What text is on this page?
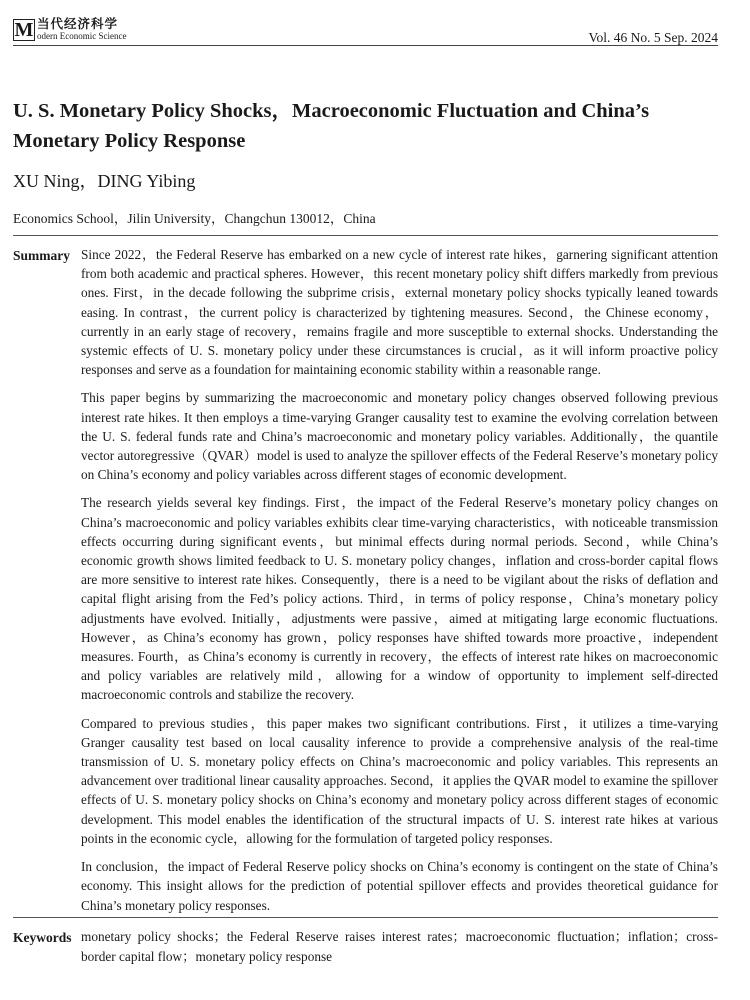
M 当代经济科学
odern Economic Science	Vol. 46 No. 5 Sep. 2024
U. S. Monetary Policy Shocks，Macroeconomic Fluctuation and China’s Monetary Policy Response
XU Ning，DING Yibing
Economics School，Jilin University，Changchun 130012，China
Summary Since 2022，the Federal Reserve has embarked on a new cycle of interest rate hikes，garnering significant attention from both academic and practical spheres. However，this recent monetary policy shift differs markedly from previous ones. First，in the decade following the subprime crisis，external monetary policy shocks typically leaned towards easing. In contrast，the current policy is characterized by tightening measures. Second，the Chinese economy，currently in an early stage of recovery，remains fragile and more susceptible to external shocks. Understanding the systemic effects of U. S. monetary policy under these circumstances is crucial，as it will inform proactive policy responses and serve as a foundation for maintaining economic stability within a reasonable range.

This paper begins by summarizing the macroeconomic and monetary policy changes observed following previous interest rate hikes. It then employs a time-varying Granger causality test to examine the evolving correlation between the U. S. federal funds rate and China’s macroeconomic and monetary policy variables. Additionally，the quantile vector autoregressive（QVAR）model is used to analyze the spillover effects of the Federal Reserve’s monetary policy on China’s economy and policy variables across different stages of economic development.

The research yields several key findings. First，the impact of the Federal Reserve’s monetary policy changes on China’s macroeconomic and policy variables exhibits clear time-varying characteristics，with noticeable transmission effects occurring during significant events，but minimal effects during normal periods. Second，while China’s economic growth shows limited feedback to U. S. monetary policy changes，inflation and cross-border capital flows are more sensitive to interest rate hikes. Consequently，there is a need to be vigilant about the risks of deflation and capital flight arising from the Fed’s policy actions. Third，in terms of policy response，China’s monetary policy adjustments have evolved. Initially，adjustments were passive，aimed at mitigating large economic fluctuations. However，as China’s economy has grown，policy responses have shifted towards more proactive，independent measures. Fourth，as China’s economy is currently in recovery，the effects of interest rate hikes on macroeconomic and policy variables are relatively mild，allowing for a window of opportunity to implement self-directed macroeconomic controls and stabilize the recovery.

Compared to previous studies，this paper makes two significant contributions. First，it utilizes a time-varying Granger causality test based on local causality inference to provide a comprehensive analysis of the real-time transmission of U. S. monetary policy effects on China’s macroeconomic and policy variables. This represents an advancement over traditional linear causality approaches. Second，it applies the QVAR model to examine the spillover effects of U. S. monetary policy shocks on China’s economy and monetary policy across different stages of economic development. This model enables the identification of the structural impacts of U. S. interest rate hikes at various points in the economic cycle，allowing for the formulation of targeted policy responses.

In conclusion，the impact of Federal Reserve policy shocks on China’s economy is contingent on the state of China’s economy. This insight allows for the prediction of potential spillover effects and provides theoretical guidance for China’s monetary policy responses.

Keywords monetary policy shocks；the Federal Reserve raises interest rates；macroeconomic fluctuation；inflation；cross-border capital flow；monetary policy response
